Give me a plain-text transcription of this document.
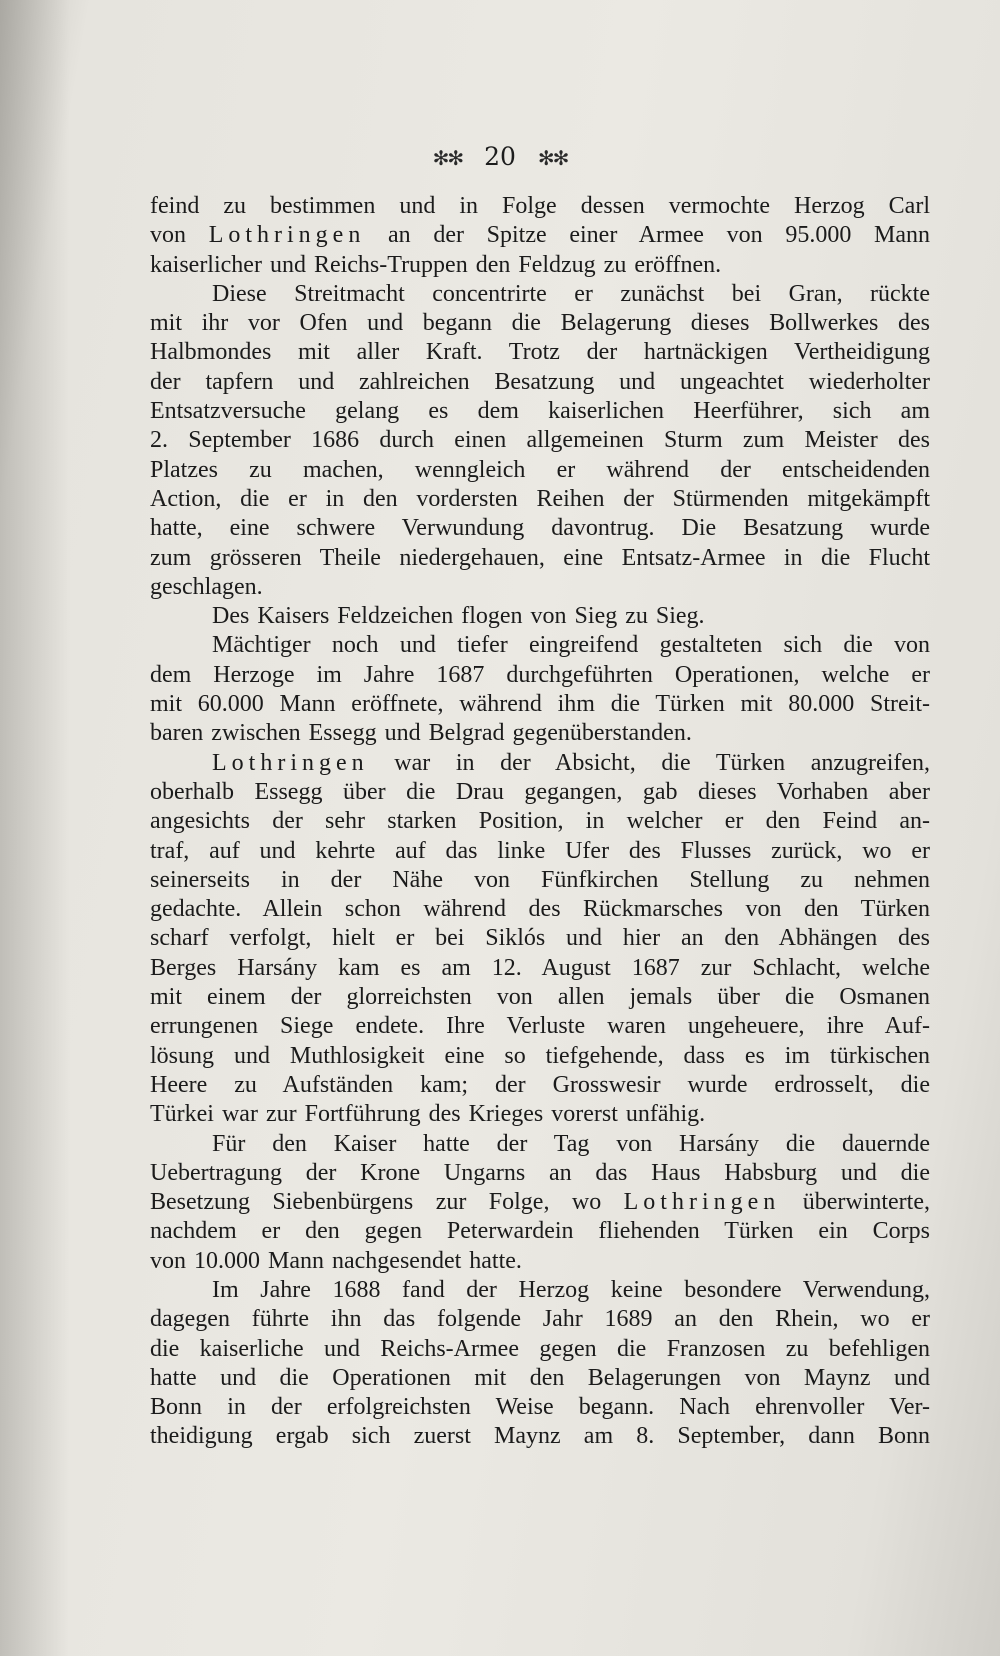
✻✻ 20 ✻✻
feind zu bestimmen und in Folge dessen vermochte Herzog Carl
von Lothringen an der Spitze einer Armee von 95.000 Mann
kaiserlicher und Reichs-Truppen den Feldzug zu eröffnen.
Diese Streitmacht concentrirte er zunächst bei Gran, rückte
mit ihr vor Ofen und begann die Belagerung dieses Bollwerkes des
Halbmondes mit aller Kraft. Trotz der hartnäckigen Vertheidigung
der tapfern und zahlreichen Besatzung und ungeachtet wiederholter
Entsatzversuche gelang es dem kaiserlichen Heerführer, sich am
2. September 1686 durch einen allgemeinen Sturm zum Meister des
Platzes zu machen, wenngleich er während der entscheidenden
Action, die er in den vordersten Reihen der Stürmenden mitgekämpft
hatte, eine schwere Verwundung davontrug. Die Besatzung wurde
zum grösseren Theile niedergehauen, eine Entsatz-Armee in die Flucht
geschlagen.
Des Kaisers Feldzeichen flogen von Sieg zu Sieg.
Mächtiger noch und tiefer eingreifend gestalteten sich die von
dem Herzoge im Jahre 1687 durchgeführten Operationen, welche er
mit 60.000 Mann eröffnete, während ihm die Türken mit 80.000 Streit-
baren zwischen Essegg und Belgrad gegenüberstanden.
Lothringen war in der Absicht, die Türken anzugreifen,
oberhalb Essegg über die Drau gegangen, gab dieses Vorhaben aber
angesichts der sehr starken Position, in welcher er den Feind an-
traf, auf und kehrte auf das linke Ufer des Flusses zurück, wo er
seinerseits in der Nähe von Fünfkirchen Stellung zu nehmen
gedachte. Allein schon während des Rückmarsches von den Türken
scharf verfolgt, hielt er bei Siklós und hier an den Abhängen des
Berges Harsány kam es am 12. August 1687 zur Schlacht, welche
mit einem der glorreichsten von allen jemals über die Osmanen
errungenen Siege endete. Ihre Verluste waren ungeheuere, ihre Auf-
lösung und Muthlosigkeit eine so tiefgehende, dass es im türkischen
Heere zu Aufständen kam; der Grosswesir wurde erdrosselt, die
Türkei war zur Fortführung des Krieges vorerst unfähig.
Für den Kaiser hatte der Tag von Harsány die dauernde
Uebertragung der Krone Ungarns an das Haus Habsburg und die
Besetzung Siebenbürgens zur Folge, wo Lothringen überwinterte,
nachdem er den gegen Peterwardein fliehenden Türken ein Corps
von 10.000 Mann nachgesendet hatte.
Im Jahre 1688 fand der Herzog keine besondere Verwendung,
dagegen führte ihn das folgende Jahr 1689 an den Rhein, wo er
die kaiserliche und Reichs-Armee gegen die Franzosen zu befehligen
hatte und die Operationen mit den Belagerungen von Maynz und
Bonn in der erfolgreichsten Weise begann. Nach ehrenvoller Ver-
theidigung ergab sich zuerst Maynz am 8. September, dann Bonn
